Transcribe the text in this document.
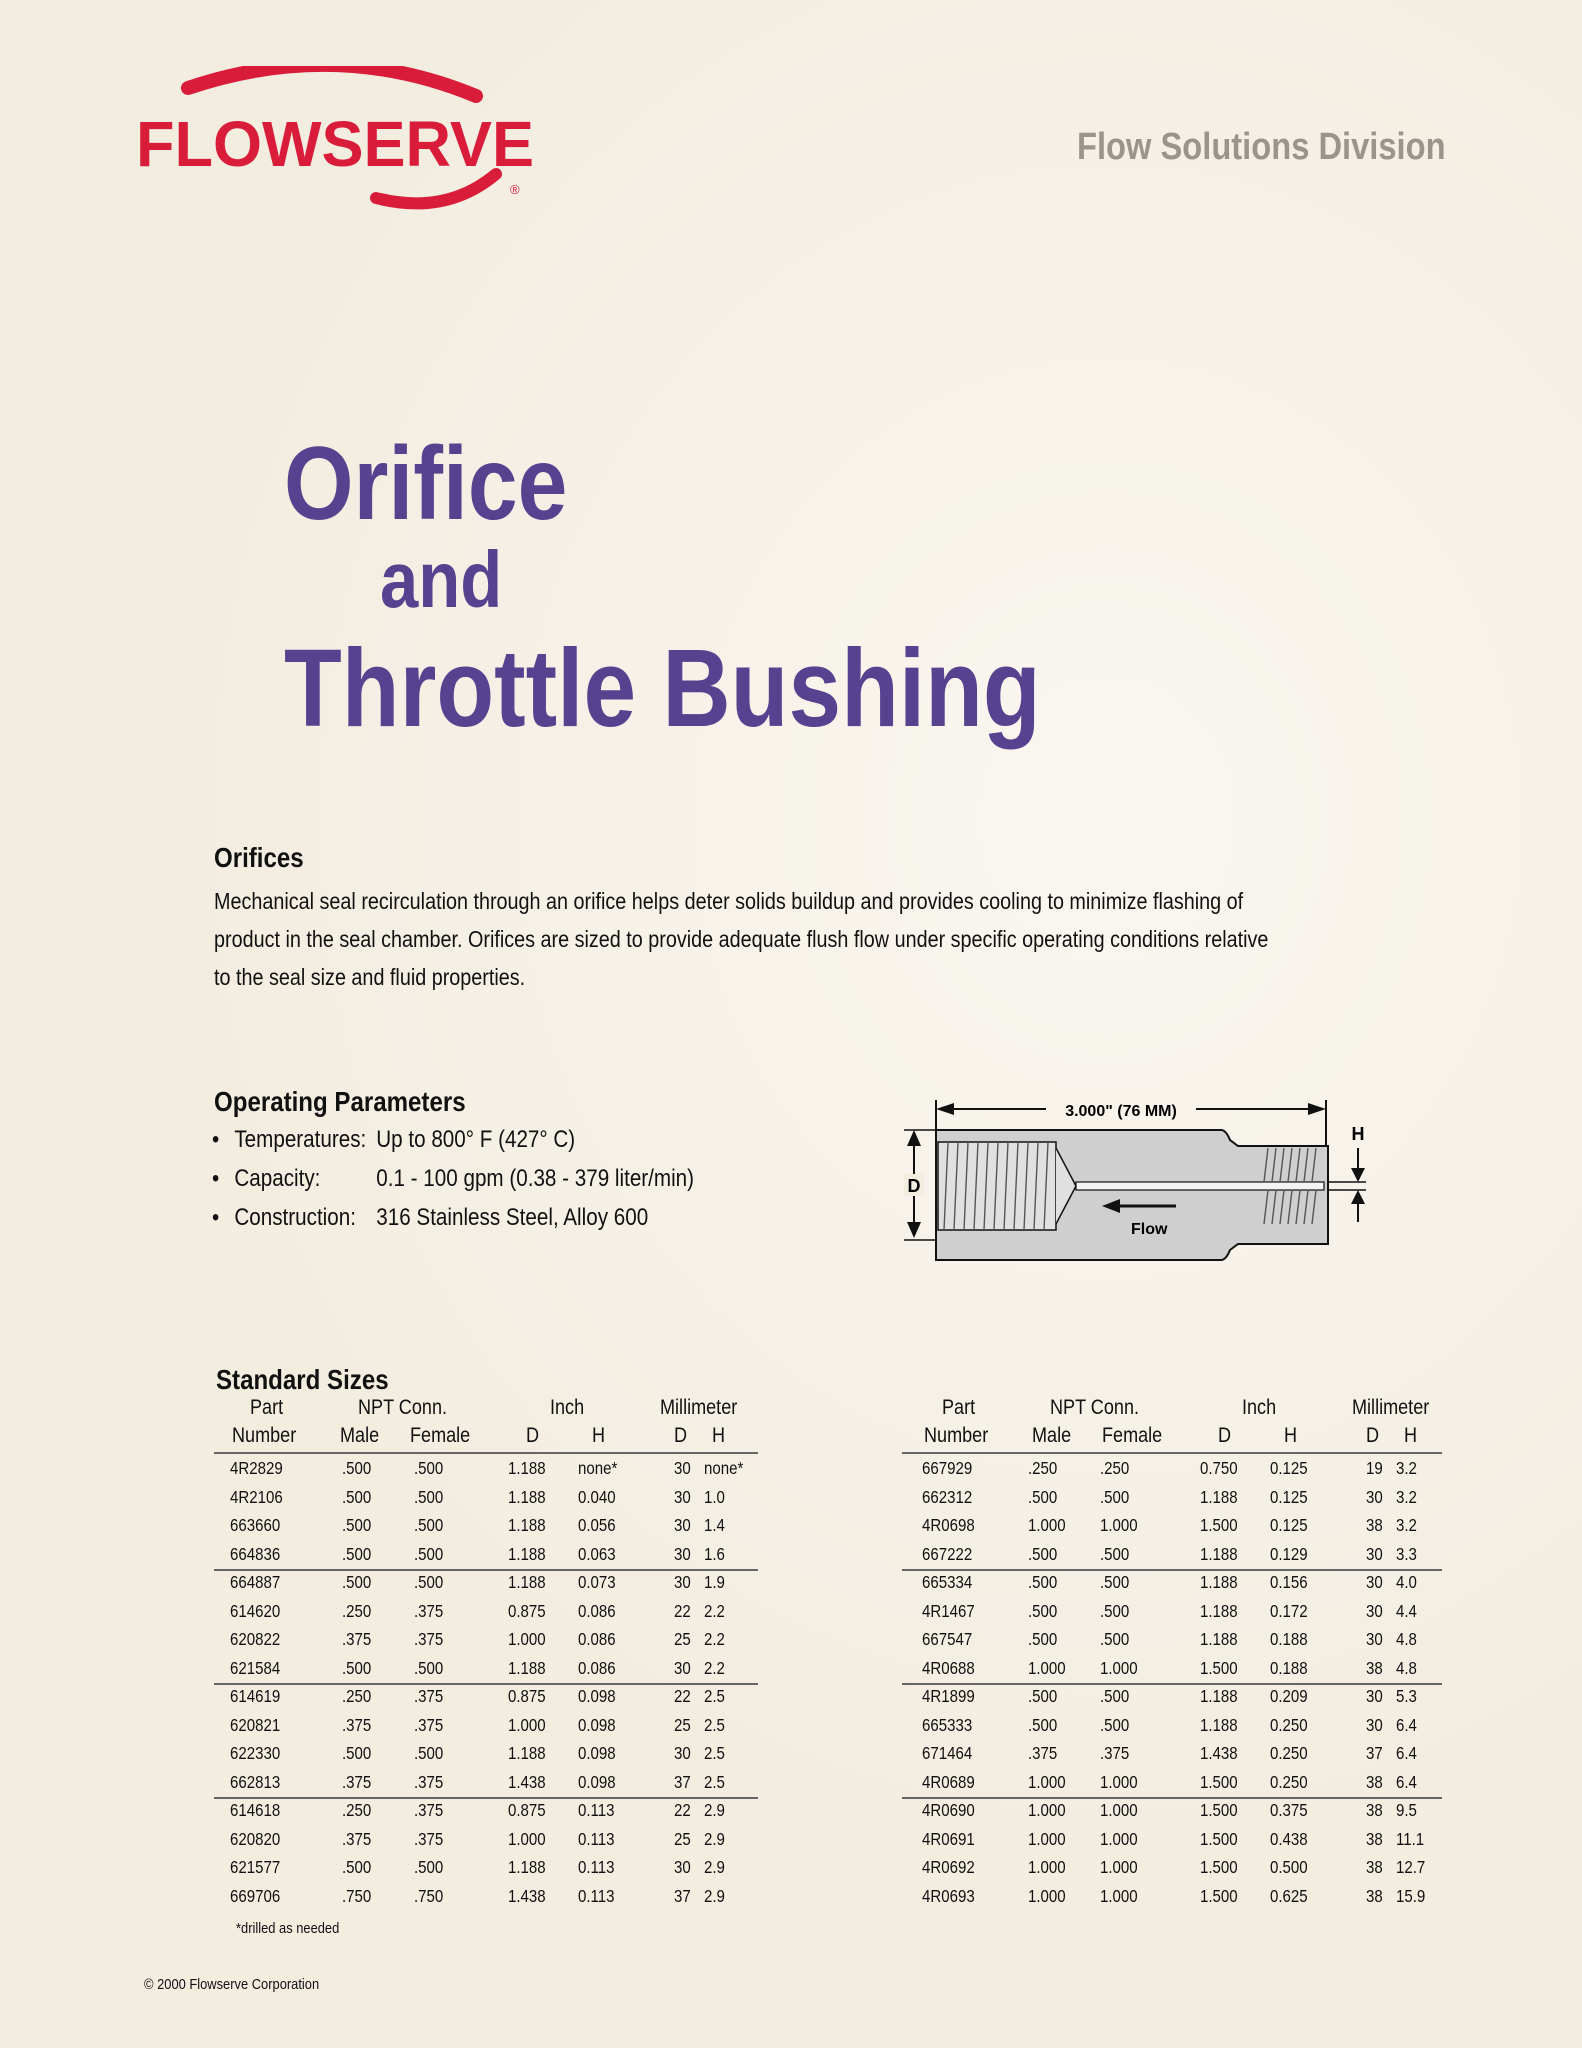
FLOWSERVE
®
Flow Solutions Division
Orifice
and
Throttle Bushing
Orifices
Mechanical seal recirculation through an orifice helps deter solids buildup and provides cooling to minimize flashing of product in the seal chamber. Orifices are sized to provide adequate flush flow under specific operating conditions relative to the seal size and fluid properties.
Operating Parameters
• Temperatures: Up to 800° F (427° C)
• Capacity:	0.1 - 100 gpm (0.38 - 379 liter/min)
• Construction: 316 Stainless Steel, Alloy 600
3.000" (76 MM)
Flow
D
H
Standard Sizes
Part
Number
NPT Conn.
Male Female
Inch
D	H
Millimeter
D H
4R2829	.500 .500	1.188 none*	30 none*
4R2106	.500 .500	1.188 0.040	30 1.0
663660	.500 .500	1.188 0.056	30 1.4
664836	.500 .500	1.188 0.063	30 1.6
664887	.500 .500	1.188 0.073	30 1.9
614620	.250 .375	0.875 0.086	22 2.2
620822	.375 .375	1.000 0.086	25 2.2
621584	.500 .500	1.188 0.086	30 2.2
614619	.250 .375	0.875 0.098	22 2.5
620821	.375 .375	1.000 0.098	25 2.5
622330	.500 .500	1.188 0.098	30 2.5
662813	.375 .375	1.438 0.098	37 2.5
614618	.250 .375	0.875 0.113	22 2.9
620820	.375 .375	1.000 0.113	25 2.9
621577	.500 .500	1.188 0.113	30 2.9
669706	.750 .750	1.438 0.113	37 2.9
Part
Number
NPT Conn.
Male Female
Inch
D	H
Millimeter
D H
667929	.250 .250	0.750 0.125	19 3.2
662312	.500 .500	1.188 0.125	30 3.2
4R0698	1.000 1.000	1.500 0.125	38 3.2
667222	.500 .500	1.188 0.129	30 3.3
665334	.500 .500	1.188 0.156	30 4.0
4R1467	.500 .500	1.188 0.172	30 4.4
667547	.500 .500	1.188 0.188	30 4.8
4R0688	1.000 1.000	1.500 0.188	38 4.8
4R1899	.500 .500	1.188 0.209	30 5.3
665333	.500 .500	1.188 0.250	30 6.4
671464	.375 .375	1.438 0.250	37 6.4
4R0689	1.000 1.000	1.500 0.250	38 6.4
4R0690	1.000 1.000	1.500 0.375	38 9.5
4R0691	1.000 1.000	1.500 0.438	38 11.1
4R0692	1.000 1.000	1.500 0.500	38 12.7
4R0693	1.000 1.000	1.500 0.625	38 15.9
*drilled as needed
© 2000 Flowserve Corporation
